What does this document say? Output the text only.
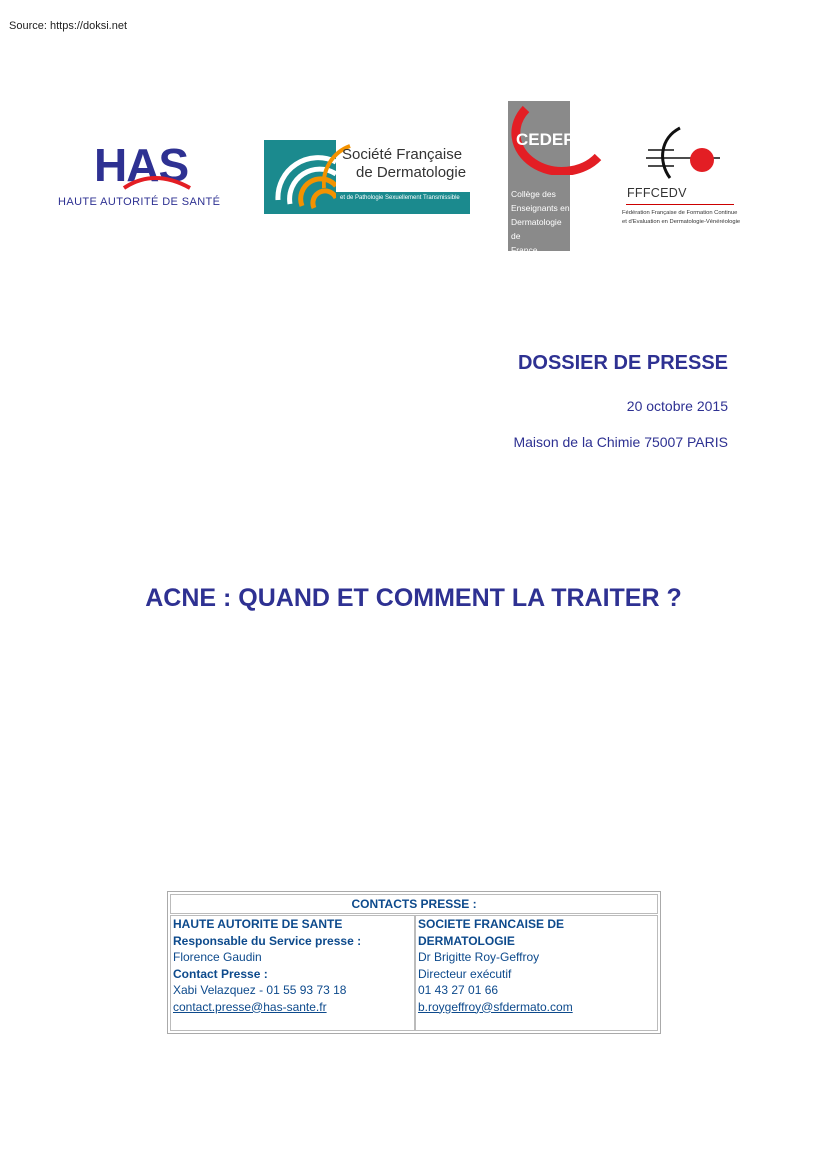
Source: https://doksi.net
HAS
HAUTE AUTORITÉ DE SANTÉ
Société Française
de Dermatologie
et de Pathologie Sexuellement Transmissible
CEDEF
Collège des
Enseignants en
Dermatologie de
France
FFFCEDV
Fédération Française de Formation Continue
et d'Evaluation en Dermatologie-Vénéréologie
DOSSIER DE PRESSE
20 octobre 2015
Maison de la Chimie 75007 PARIS
ACNE : QUAND ET COMMENT LA TRAITER ?
CONTACTS PRESSE :
HAUTE AUTORITE DE SANTE
Responsable du Service presse :
Florence Gaudin
Contact Presse :
Xabi Velazquez - 01 55 93 73 18
contact.presse@has-sante.fr
SOCIETE FRANCAISE DE
DERMATOLOGIE
Dr Brigitte Roy-Geffroy
Directeur exécutif
01 43 27 01 66
b.roygeffroy@sfdermato.com
